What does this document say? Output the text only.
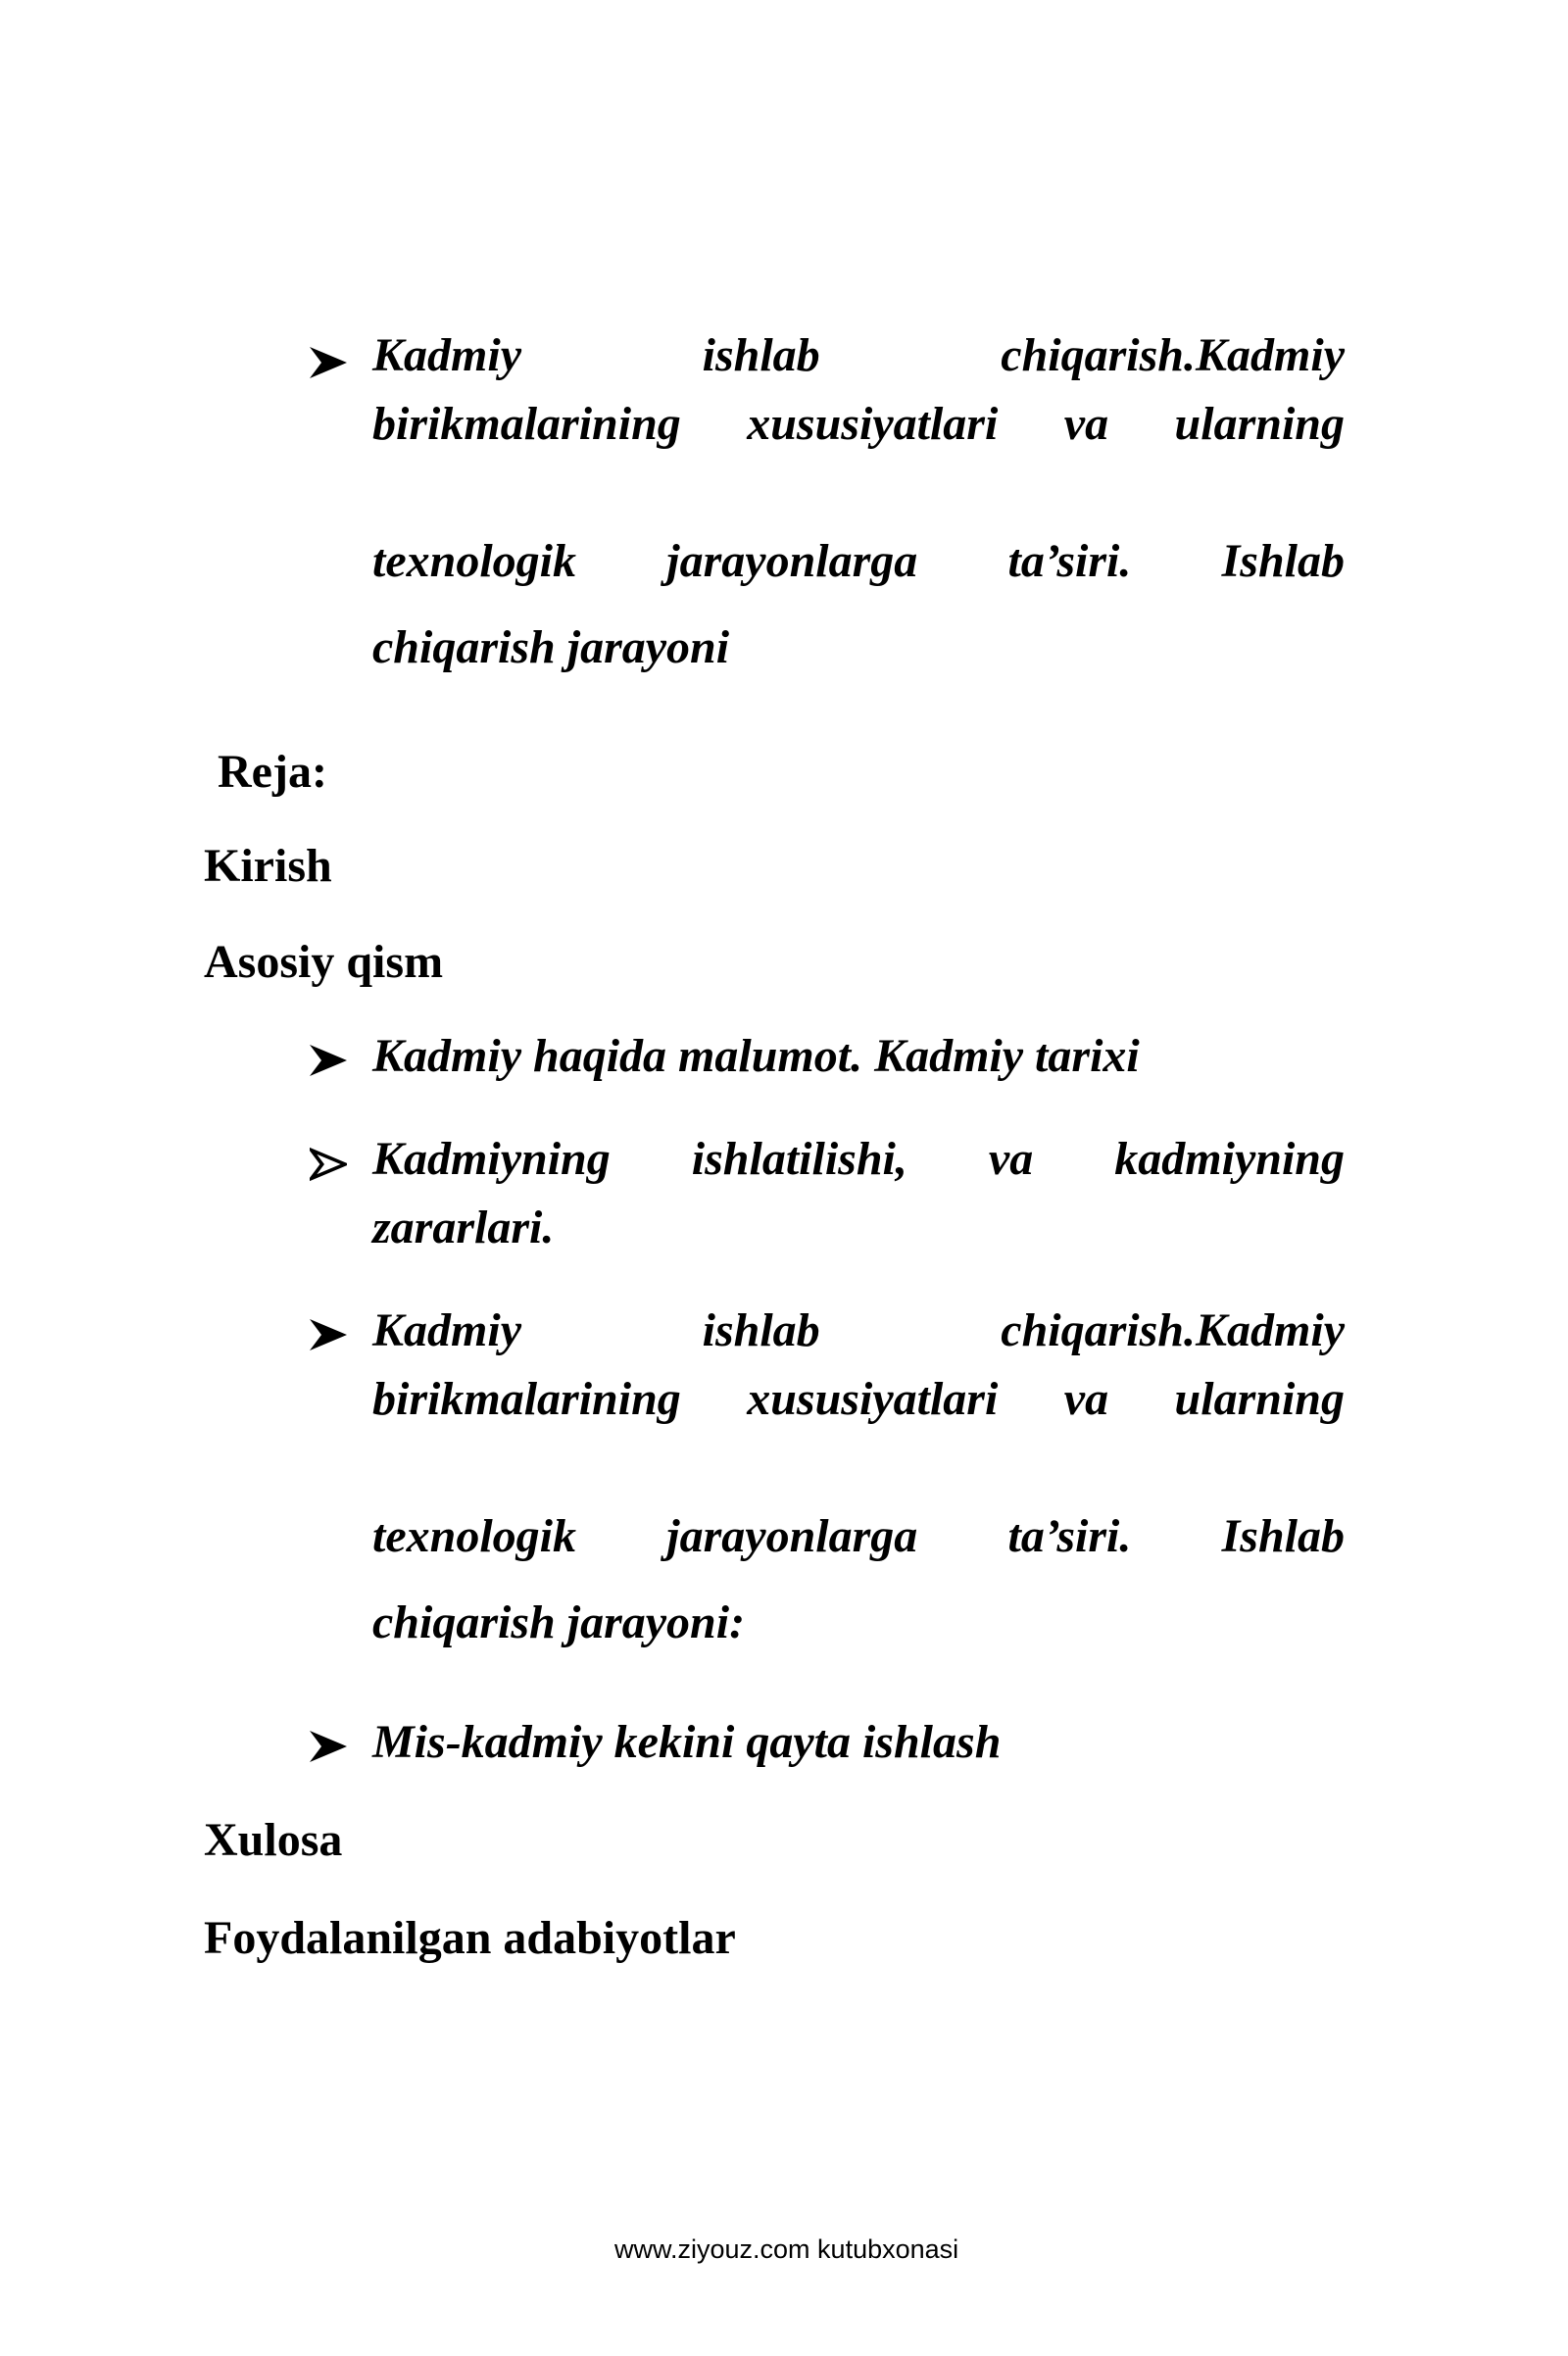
Kadmiy ishlab chiqarish.Kadmiy
birikmalarining xususiyatlari va ularning
texnologik jarayonlarga ta’siri. Ishlab
chiqarish jarayoni
Reja:
Kirish
Asosiy qism
Kadmiy haqida malumot. Kadmiy tarixi
Kadmiyning ishlatilishi, va kadmiyning
zararlari.
Kadmiy ishlab chiqarish.Kadmiy
birikmalarining xususiyatlari va ularning
texnologik jarayonlarga ta’siri. Ishlab
chiqarish jarayoni:
Mis-kadmiy kekini qayta ishlash
Xulosa
Foydalanilgan adabiyotlar
www.ziyouz.com kutubxonasi
